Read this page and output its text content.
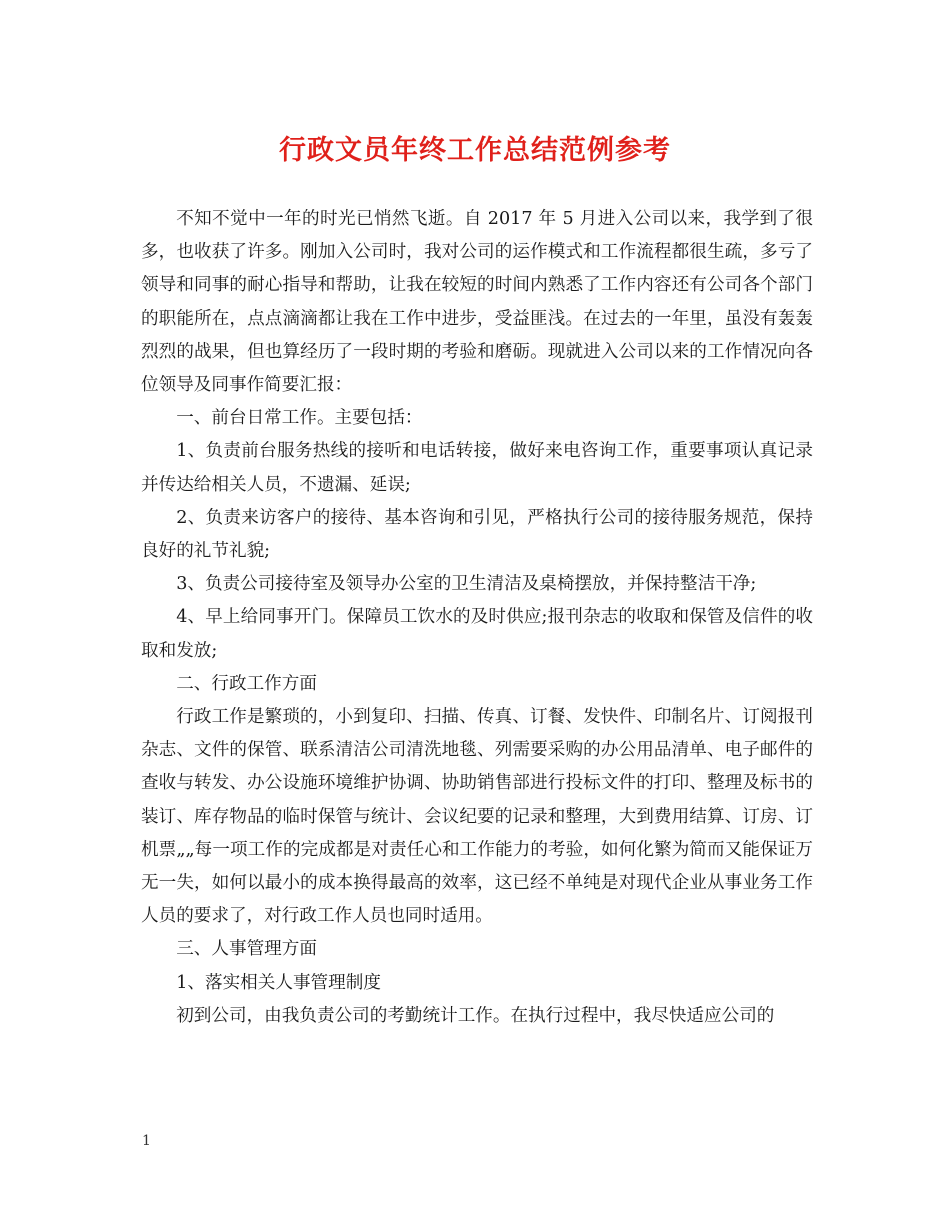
行政文员年终工作总结范例参考

不知不觉中一年的时光已悄然飞逝。自 2017 年 5 月进入公司以来，我学到了很多，也收获了许多。刚加入公司时，我对公司的运作模式和工作流程都很生疏，多亏了领导和同事的耐心指导和帮助，让我在较短的时间内熟悉了工作内容还有公司各个部门的职能所在，点点滴滴都让我在工作中进步，受益匪浅。在过去的一年里，虽没有轰轰烈烈的战果，但也算经历了一段时期的考验和磨砺。现就进入公司以来的工作情况向各位领导及同事作简要汇报：

一、前台日常工作。主要包括：

1、负责前台服务热线的接听和电话转接，做好来电咨询工作，重要事项认真记录并传达给相关人员，不遗漏、延误;

2、负责来访客户的接待、基本咨询和引见，严格执行公司的接待服务规范，保持良好的礼节礼貌;

3、负责公司接待室及领导办公室的卫生清洁及桌椅摆放，并保持整洁干净;

4、早上给同事开门。保障员工饮水的及时供应;报刊杂志的收取和保管及信件的收取和发放;

二、行政工作方面

行政工作是繁琐的，小到复印、扫描、传真、订餐、发快件、印制名片、订阅报刊杂志、文件的保管、联系清洁公司清洗地毯、列需要采购的办公用品清单、电子邮件的查收与转发、办公设施环境维护协调、协助销售部进行投标文件的打印、整理及标书的装订、库存物品的临时保管与统计、会议纪要的记录和整理，大到费用结算、订房、订机票„„每一项工作的完成都是对责任心和工作能力的考验，如何化繁为简而又能保证万无一失，如何以最小的成本换得最高的效率，这已经不单纯是对现代企业从事业务工作人员的要求了，对行政工作人员也同时适用。

三、人事管理方面

1、落实相关人事管理制度

初到公司，由我负责公司的考勤统计工作。在执行过程中，我尽快适应公司的

1
